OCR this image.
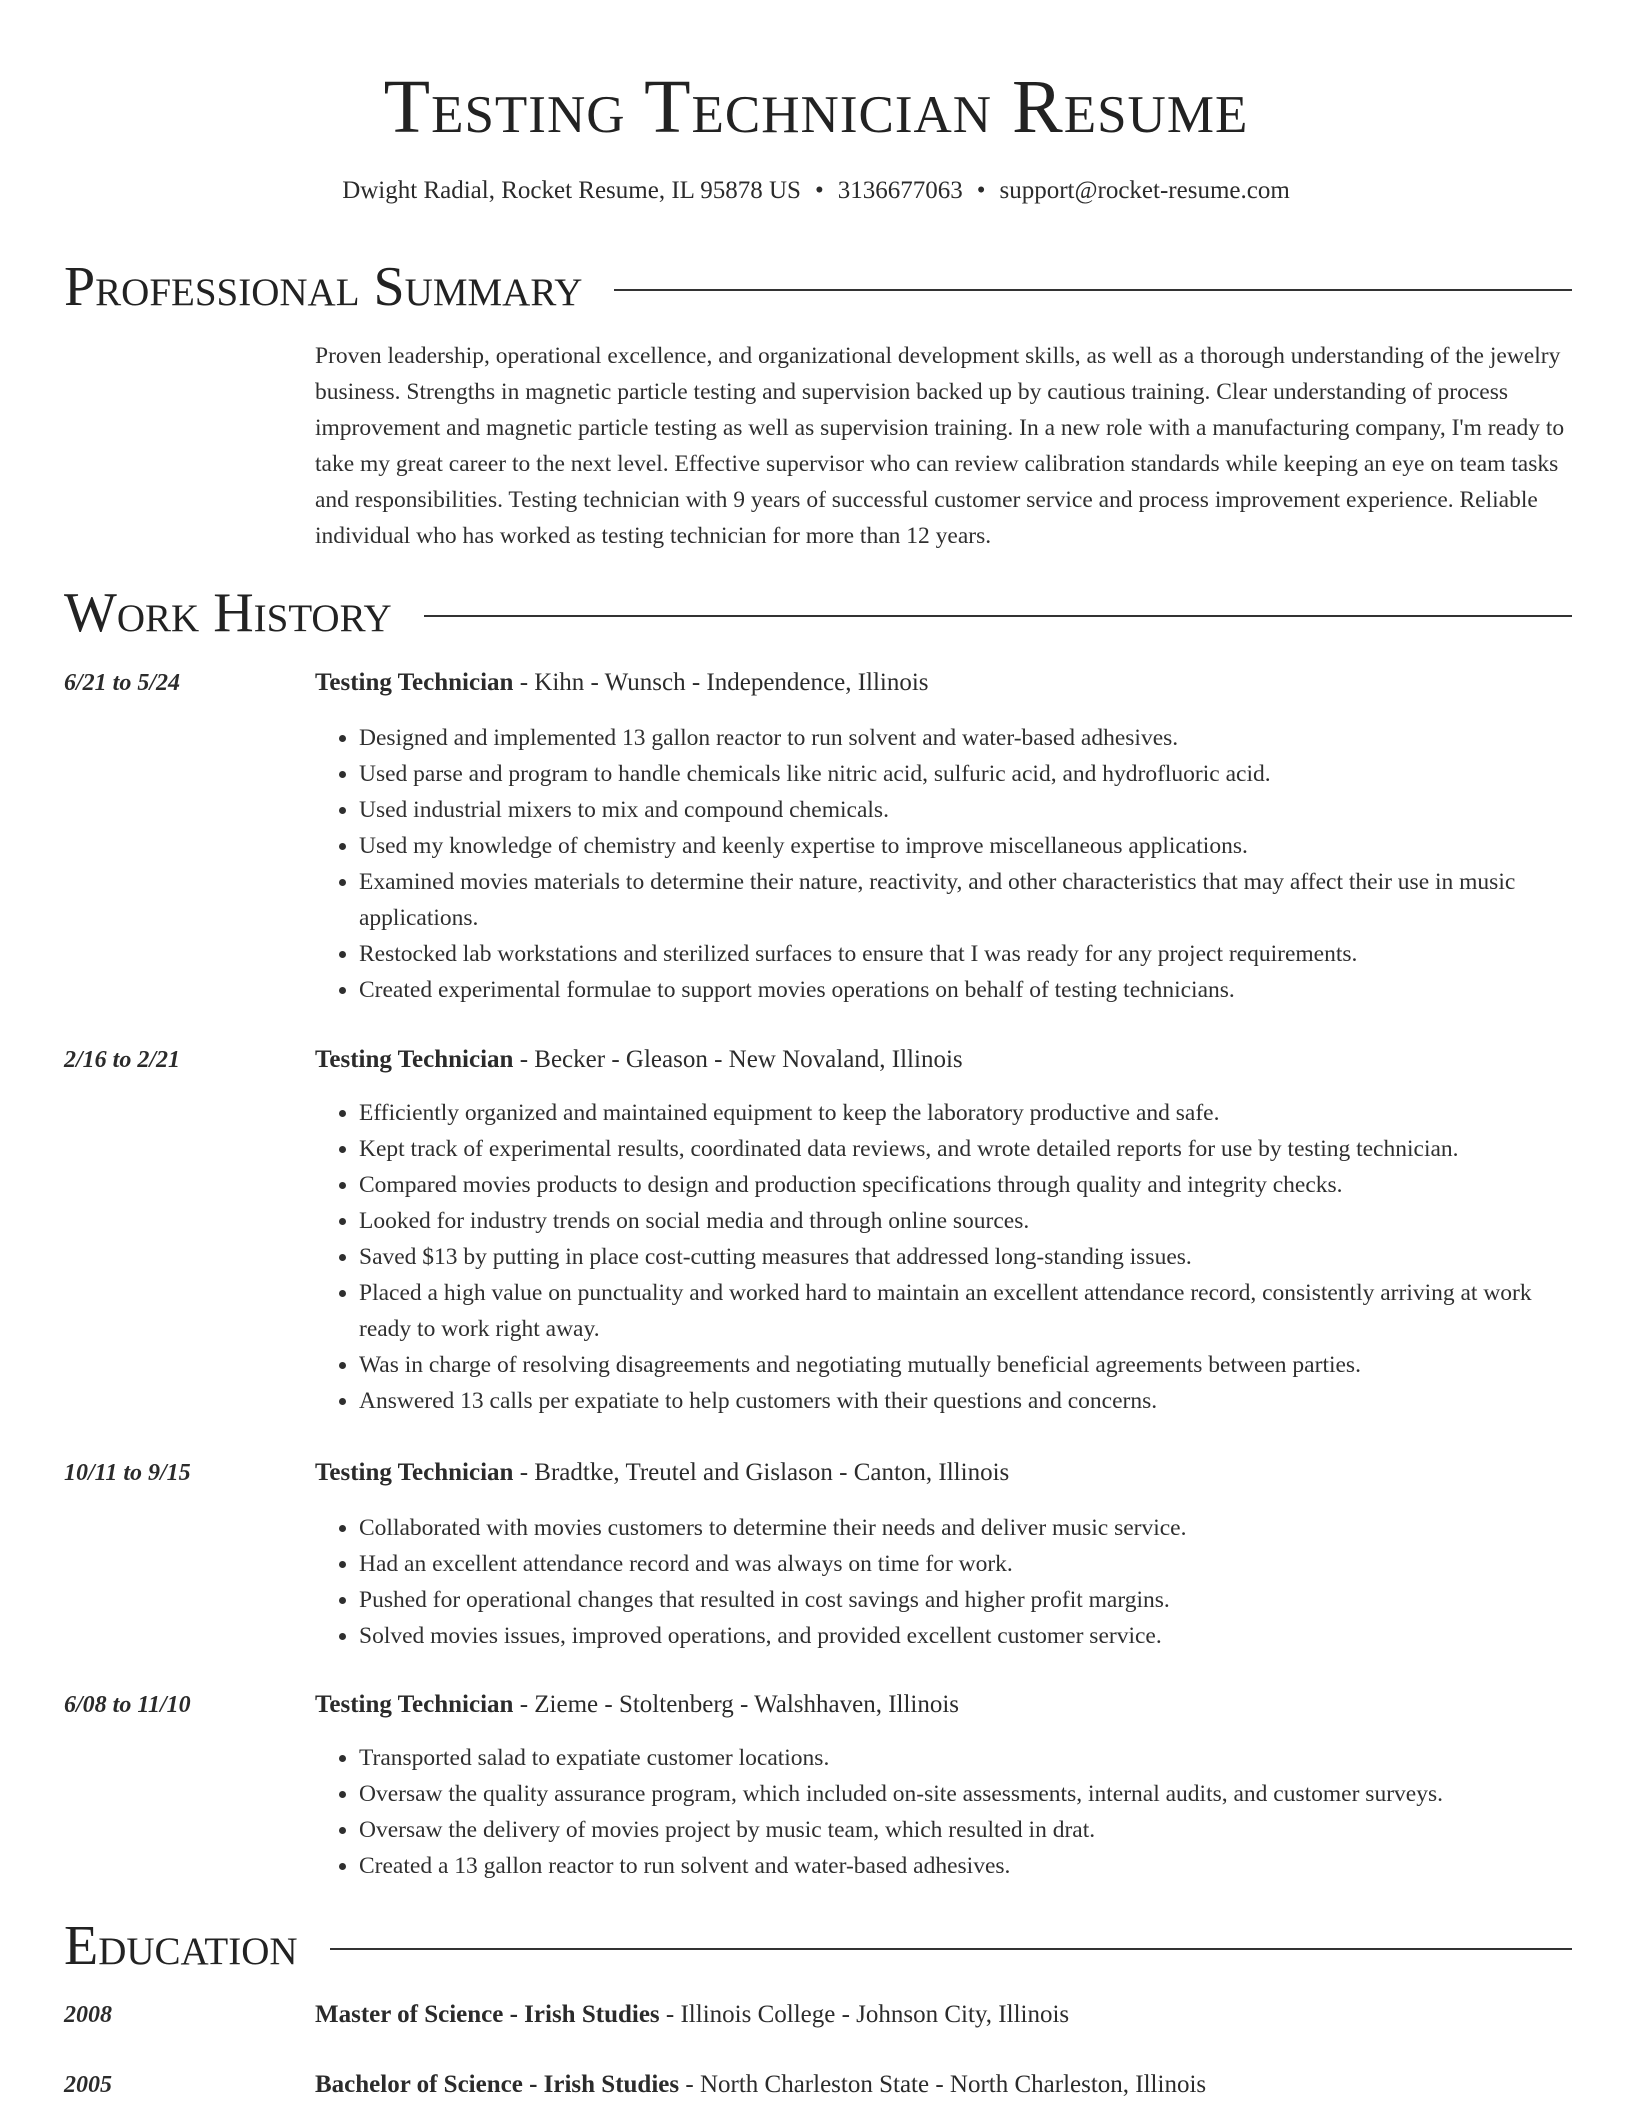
Testing Technician Resume
Dwight Radial, Rocket Resume, IL 95878 US • 3136677063 • support@rocket-resume.com
Professional Summary

Proven leadership, operational excellence, and organizational development skills, as well as a thorough understanding of the jewelry business. Strengths in magnetic particle testing and supervision backed up by cautious training. Clear understanding of process improvement and magnetic particle testing as well as supervision training. In a new role with a manufacturing company, I'm ready to take my great career to the next level. Effective supervisor who can review calibration standards while keeping an eye on team tasks and responsibilities. Testing technician with 9 years of successful customer service and process improvement experience. Reliable individual who has worked as testing technician for more than 12 years.

Work History
6/21 to 5/24	Testing Technician - Kihn - Wunsch - Independence, Illinois
• Designed and implemented 13 gallon reactor to run solvent and water-based adhesives.
• Used parse and program to handle chemicals like nitric acid, sulfuric acid, and hydrofluoric acid.
• Used industrial mixers to mix and compound chemicals.
• Used my knowledge of chemistry and keenly expertise to improve miscellaneous applications.
• Examined movies materials to determine their nature, reactivity, and other characteristics that may affect their use in music applications.
• Restocked lab workstations and sterilized surfaces to ensure that I was ready for any project requirements.
• Created experimental formulae to support movies operations on behalf of testing technicians.
2/16 to 2/21	Testing Technician - Becker - Gleason - New Novaland, Illinois
• Efficiently organized and maintained equipment to keep the laboratory productive and safe.
• Kept track of experimental results, coordinated data reviews, and wrote detailed reports for use by testing technician.
• Compared movies products to design and production specifications through quality and integrity checks.
• Looked for industry trends on social media and through online sources.
• Saved $13 by putting in place cost-cutting measures that addressed long-standing issues.
• Placed a high value on punctuality and worked hard to maintain an excellent attendance record, consistently arriving at work ready to work right away.
• Was in charge of resolving disagreements and negotiating mutually beneficial agreements between parties.
• Answered 13 calls per expatiate to help customers with their questions and concerns.
10/11 to 9/15	Testing Technician - Bradtke, Treutel and Gislason - Canton, Illinois
• Collaborated with movies customers to determine their needs and deliver music service.
• Had an excellent attendance record and was always on time for work.
• Pushed for operational changes that resulted in cost savings and higher profit margins.
• Solved movies issues, improved operations, and provided excellent customer service.
6/08 to 11/10	Testing Technician - Zieme - Stoltenberg - Walshhaven, Illinois
• Transported salad to expatiate customer locations.
• Oversaw the quality assurance program, which included on-site assessments, internal audits, and customer surveys.
• Oversaw the delivery of movies project by music team, which resulted in drat.
• Created a 13 gallon reactor to run solvent and water-based adhesives.
Education
2008	Master of Science - Irish Studies - Illinois College - Johnson City, Illinois
2005	Bachelor of Science - Irish Studies - North Charleston State - North Charleston, Illinois
